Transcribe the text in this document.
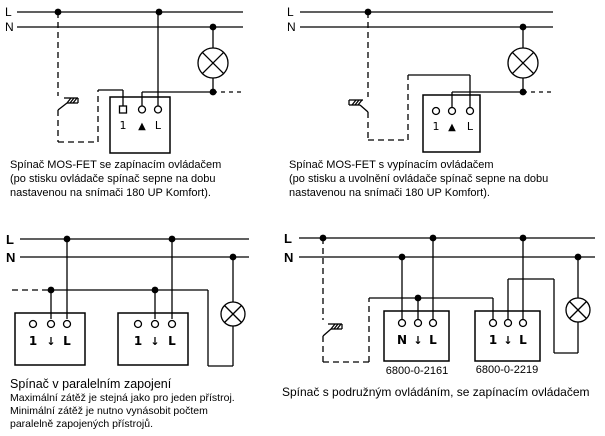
L
N
1 ▲ L
L
N
1 ▲ L
L
N
1 ↓ L	1 ↓ L
L
N
N ↓ L
6800-0-2161
1 ↓ L
6800-0-2219
Spínač MOS-FET se zapínacím ovládačem
(po stisku ovládače spínač sepne na dobu
nastavenou na snímači 180 UP Komfort).
Spínač MOS-FET s vypínacím ovládačem
(po stisku a uvolnění ovládače spínač sepne na dobu
nastavenou na snímači 180 UP Komfort).
Spínač v paralelním zapojení
Maximální zátěž je stejná jako pro jeden přístroj.
Minimální zátěž je nutno vynásobit počtem
paralelně zapojených přístrojů.
Spínač s podružným ovládáním, se zapínacím ovládačem
